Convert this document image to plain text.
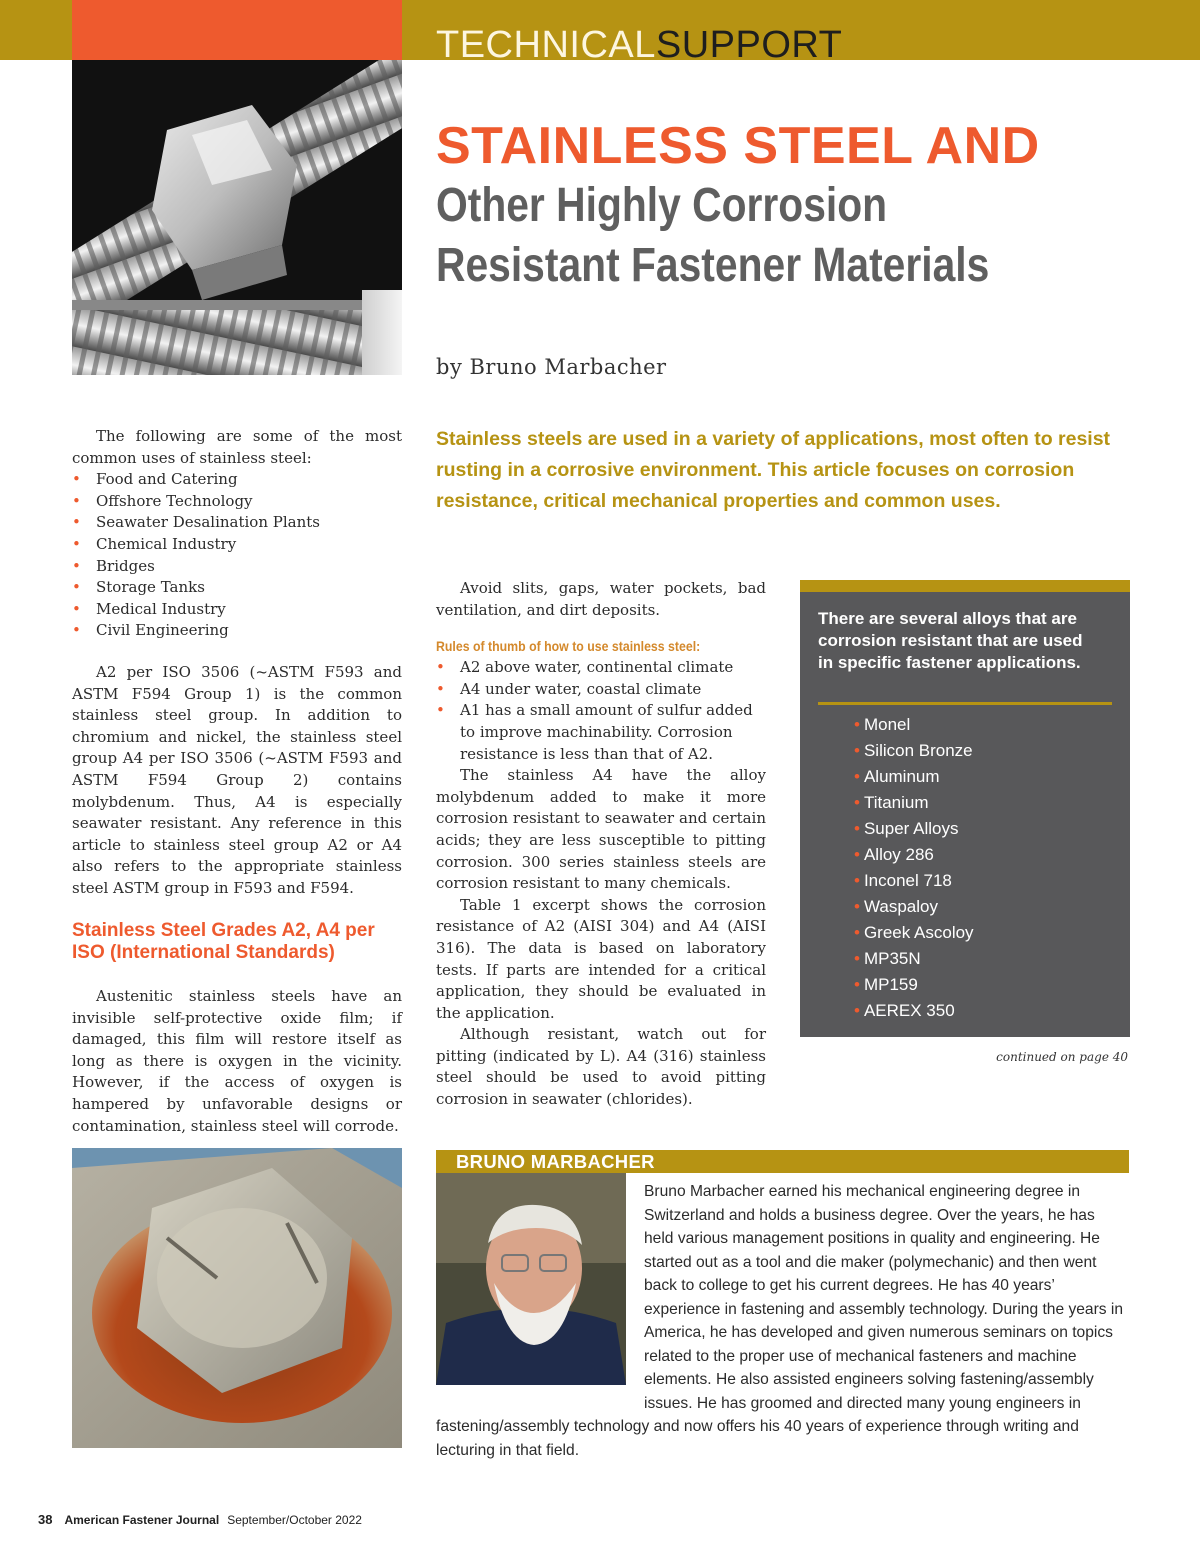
TECHNICALSUPPORT
STAINLESS STEEL AND
Other Highly Corrosion Resistant Fastener Materials
by Bruno Marbacher
Stainless steels are used in a variety of applications, most often to resist rusting in a corrosive environment. This article focuses on corrosion resistance, critical mechanical properties and common uses.

The following are some of the most common uses of stainless steel:

• Food and Catering
• Offshore Technology
• Seawater Desalination Plants
• Chemical Industry
• Bridges
• Storage Tanks
• Medical Industry
• Civil Engineering

A2 per ISO 3506 (~ASTM F593 and ASTM F594 Group 1) is the common stainless steel group. In addition to chromium and nickel, the stainless steel group A4 per ISO 3506 (~ASTM F593 and ASTM F594 Group 2) contains molybdenum. Thus, A4 is especially seawater resistant. Any reference in this article to stainless steel group A2 or A4 also refers to the appropriate stainless steel ASTM group in F593 and F594.

Stainless Steel Grades A2, A4 per ISO (International Standards)

Austenitic stainless steels have an invisible self-protective oxide film; if damaged, this film will restore itself as long as there is oxygen in the vicinity. However, if the access of oxygen is hampered by unfavorable designs or contamination, stainless steel will corrode.

Avoid slits, gaps, water pockets, bad ventilation, and dirt deposits.

Rules of thumb of how to use stainless steel:
• A2 above water, continental climate
• A4 under water, coastal climate
• A1 has a small amount of sulfur added to improve machinability. Corrosion resistance is less than that of A2.

The stainless A4 have the alloy molybdenum added to make it more corrosion resistant to seawater and certain acids; they are less susceptible to pitting corrosion. 300 series stainless steels are corrosion resistant to many chemicals.

Table 1 excerpt shows the corrosion resistance of A2 (AISI 304) and A4 (AISI 316). The data is based on laboratory tests. If parts are intended for a critical application, they should be evaluated in the application.

Although resistant, watch out for pitting (indicated by L). A4 (316) stainless steel should be used to avoid pitting corrosion in seawater (chlorides).

There are several alloys that are corrosion resistant that are used in specific fastener applications.
• Monel
• Silicon Bronze
• Aluminum
• Titanium
• Super Alloys
• Alloy 286
• Inconel 718
• Waspaloy
• Greek Ascoloy
• MP35N
• MP159
• AEREX 350
continued on page 40
BRUNO MARBACHER
Bruno Marbacher earned his mechanical engineering degree in Switzerland and holds a business degree. Over the years, he has held various management positions in quality and engineering. He started out as a tool and die maker (polymechanic) and then went back to college to get his current degrees. He has 40 years’ experience in fastening and assembly technology. During the years in America, he has developed and given numerous seminars on topics related to the proper use of mechanical fasteners and machine elements. He also assisted engineers solving fastening/assembly issues. He has groomed and directed many young engineers in fastening/assembly technology and now offers his 40 years of experience through writing and lecturing in that field.
38 American Fastener Journal September/October 2022
